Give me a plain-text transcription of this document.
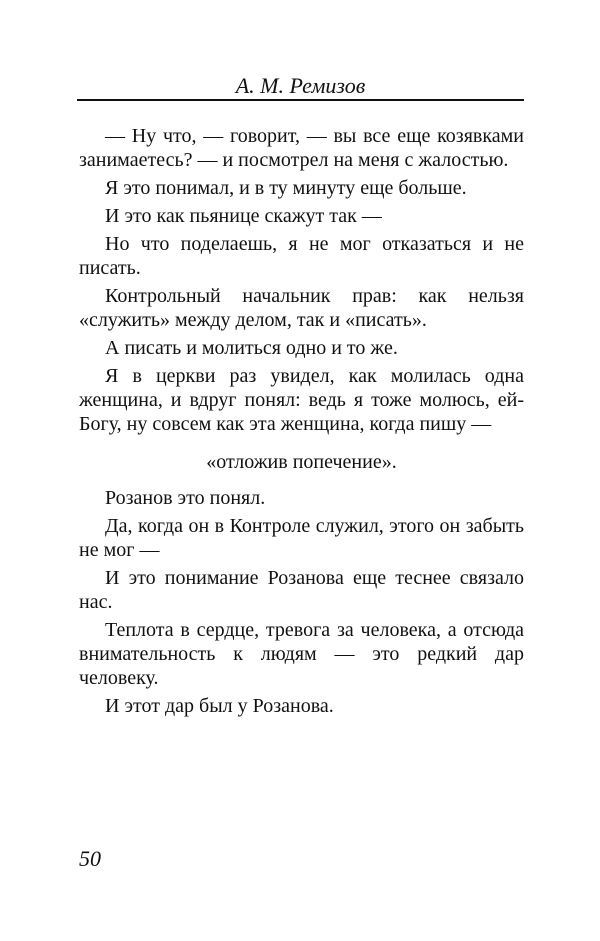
А. М. Ремизов

— Ну что, — говорит, — вы все еще козявками занимаетесь? — и посмотрел на меня с жалостью.

Я это понимал, и в ту минуту еще больше.

И это как пьянице скажут так —

Но что поделаешь, я не мог отказаться и не писать.

Контрольный начальник прав: как нельзя «служить» между делом, так и «писать».

А писать и молиться одно и то же.

Я в церкви раз увидел, как молилась одна женщина, и вдруг понял: ведь я тоже молюсь, ей-Богу, ну совсем как эта женщина, когда пишу —

«отложив попечение».

Розанов это понял.

Да, когда он в Контроле служил, этого он забыть не мог —

И это понимание Розанова еще теснее связало нас.

Теплота в сердце, тревога за человека, а отсюда внимательность к людям — это редкий дар человеку.

И этот дар был у Розанова.

50
